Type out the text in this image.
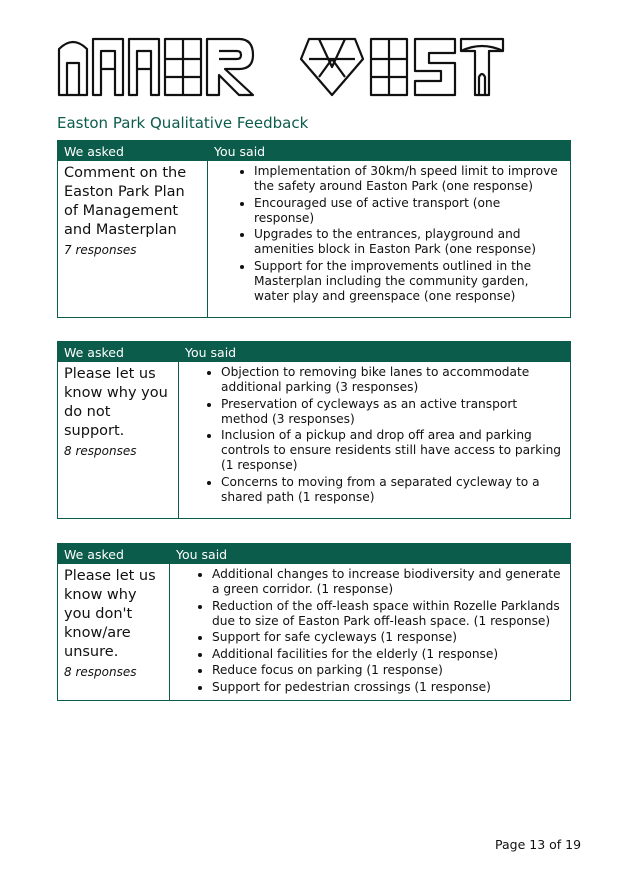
Easton Park Qualitative Feedback
We asked	You said
Comment on the Easton Park Plan of Management and Masterplan
7 responses
• Implementation of 30km/h speed limit to improve the safety around Easton Park (one response)
• Encouraged use of active transport (one response)
• Upgrades to the entrances, playground and amenities block in Easton Park (one response)
• Support for the improvements outlined in the Masterplan including the community garden, water play and greenspace (one response)
We asked	You said
Please let us know why you do not support.
8 responses
• Objection to removing bike lanes to accommodate additional parking (3 responses)
• Preservation of cycleways as an active transport method (3 responses)
• Inclusion of a pickup and drop off area and parking controls to ensure residents still have access to parking (1 response)
• Concerns to moving from a separated cycleway to a shared path (1 response)
We asked	You said
Please let us know why you don't know/are unsure.
8 responses
• Additional changes to increase biodiversity and generate a green corridor. (1 response)
• Reduction of the off-leash space within Rozelle Parklands due to size of Easton Park off-leash space. (1 response)
• Support for safe cycleways (1 response)
• Additional facilities for the elderly (1 response)
• Reduce focus on parking (1 response)
• Support for pedestrian crossings (1 response)
Page 13 of 19
